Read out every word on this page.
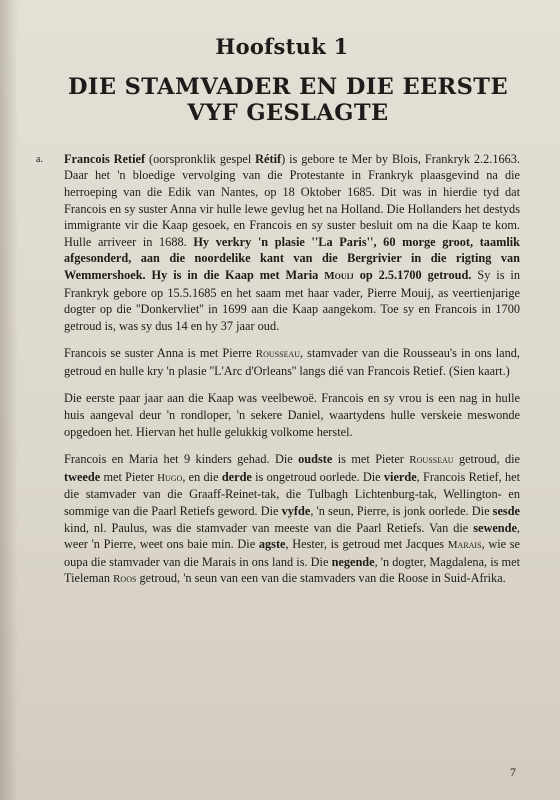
Hoofstuk 1
DIE STAMVADER EN DIE EERSTE
VYF GESLAGTE

a. Francois Retief (oorspronklik gespel Rétif) is gebore te Mer by Blois, Frankryk 2.2.1663. Daar het 'n bloedige vervolging van die Protestante in Frankryk plaasgevind na die herroeping van die Edik van Nantes, op 18 Oktober 1685. Dit was in hierdie tyd dat Francois en sy suster Anna vir hulle lewe gevlug het na Holland. Die Hollanders het destyds immigrante vir die Kaap gesoek, en Francois en sy suster besluit om na die Kaap te kom. Hulle arriveer in 1688. Hy verkry 'n plasie ''La Paris'', 60 morge groot, taamlik afgesonderd, aan die noordelike kant van die Bergrivier in die rigting van Wemmershoek. Hy is in die Kaap met Maria Mouij op 2.5.1700 getroud. Sy is in Frankryk gebore op 15.5.1685 en het saam met haar vader, Pierre Mouij, as veertienjarige dogter op die ''Donkervliet'' in 1699 aan die Kaap aangekom. Toe sy en Francois in 1700 getroud is, was sy dus 14 en hy 37 jaar oud.

Francois se suster Anna is met Pierre Rousseau, stamvader van die Rousseau's in ons land, getroud en hulle kry 'n plasie ''L'Arc d'Orleans'' langs dié van Francois Retief. (Sien kaart.)

Die eerste paar jaar aan die Kaap was veelbewoë. Francois en sy vrou is een nag in hulle huis aangeval deur 'n rondloper, 'n sekere Daniel, waartydens hulle verskeie meswonde opgedoen het. Hiervan het hulle gelukkig volkome herstel.

Francois en Maria het 9 kinders gehad. Die oudste is met Pieter Rousseau getroud, die tweede met Pieter Hugo, en die derde is ongetroud oorlede. Die vierde, Francois Retief, het die stamvader van die Graaff-Reinet-tak, die Tulbagh Lichtenburg-tak, Wellington- en sommige van die Paarl Retiefs geword. Die vyfde, 'n seun, Pierre, is jonk oorlede. Die sesde kind, nl. Paulus, was die stamvader van meeste van die Paarl Retiefs. Van die sewende, weer 'n Pierre, weet ons baie min. Die agste, Hester, is getroud met Jacques Marais, wie se oupa die stamvader van die Marais in ons land is. Die negende, 'n dogter, Magdalena, is met Tieleman Roos getroud, 'n seun van een van die stamvaders van die Roose in Suid-Afrika.

7
